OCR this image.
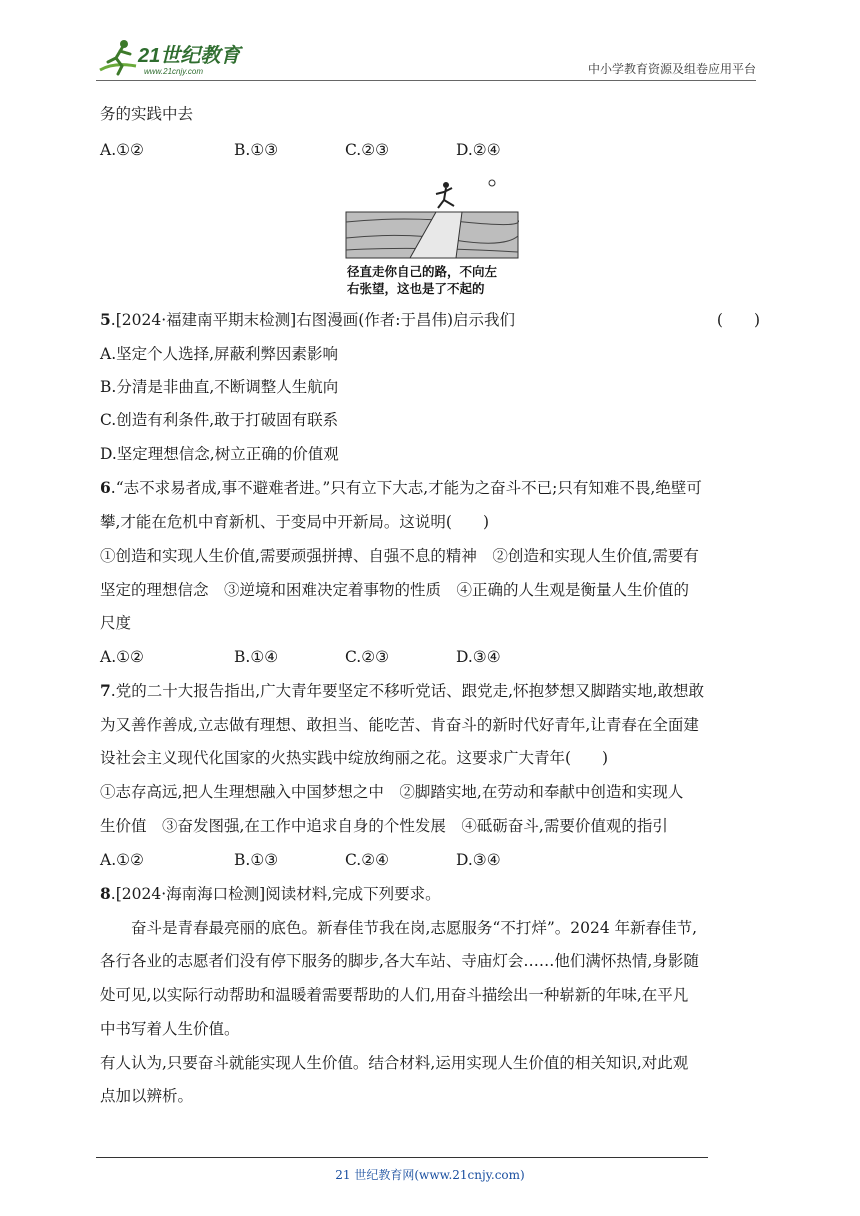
21世纪教育
www.21cnjy.com	中小学教育资源及组卷应用平台
务的实践中去
A.①②	B.①③	C.②③	D.②④
径直走你自己的路，不向左
右张望，这也是了不起的
5.[2024·福建南平期末检测]右图漫画(作者:于昌伟)启示我们	(　　)
A.坚定个人选择,屏蔽利弊因素影响
B.分清是非曲直,不断调整人生航向
C.创造有利条件,敢于打破固有联系
D.坚定理想信念,树立正确的价值观
6.“志不求易者成,事不避难者进。”只有立下大志,才能为之奋斗不已;只有知难不畏,绝壁可
攀,才能在危机中育新机、于变局中开新局。这说明(　　)
①创造和实现人生价值,需要顽强拼搏、自强不息的精神　②创造和实现人生价值,需要有
坚定的理想信念　③逆境和困难决定着事物的性质　④正确的人生观是衡量人生价值的
尺度
A.①②	B.①④	C.②③	D.③④
7.党的二十大报告指出,广大青年要坚定不移听党话、跟党走,怀抱梦想又脚踏实地,敢想敢
为又善作善成,立志做有理想、敢担当、能吃苦、肯奋斗的新时代好青年,让青春在全面建
设社会主义现代化国家的火热实践中绽放绚丽之花。这要求广大青年(　　)
①志存高远,把人生理想融入中国梦想之中　②脚踏实地,在劳动和奉献中创造和实现人
生价值　③奋发图强,在工作中追求自身的个性发展　④砥砺奋斗,需要价值观的指引
A.①②	B.①③	C.②④	D.③④
8.[2024·海南海口检测]阅读材料,完成下列要求。
奋斗是青春最亮丽的底色。新春佳节我在岗,志愿服务“不打烊”。2024 年新春佳节,
各行各业的志愿者们没有停下服务的脚步,各大车站、寺庙灯会……他们满怀热情,身影随
处可见,以实际行动帮助和温暖着需要帮助的人们,用奋斗描绘出一种崭新的年味,在平凡
中书写着人生价值。
有人认为,只要奋斗就能实现人生价值。结合材料,运用实现人生价值的相关知识,对此观
点加以辨析。
21 世纪教育网(www.21cnjy.com)
